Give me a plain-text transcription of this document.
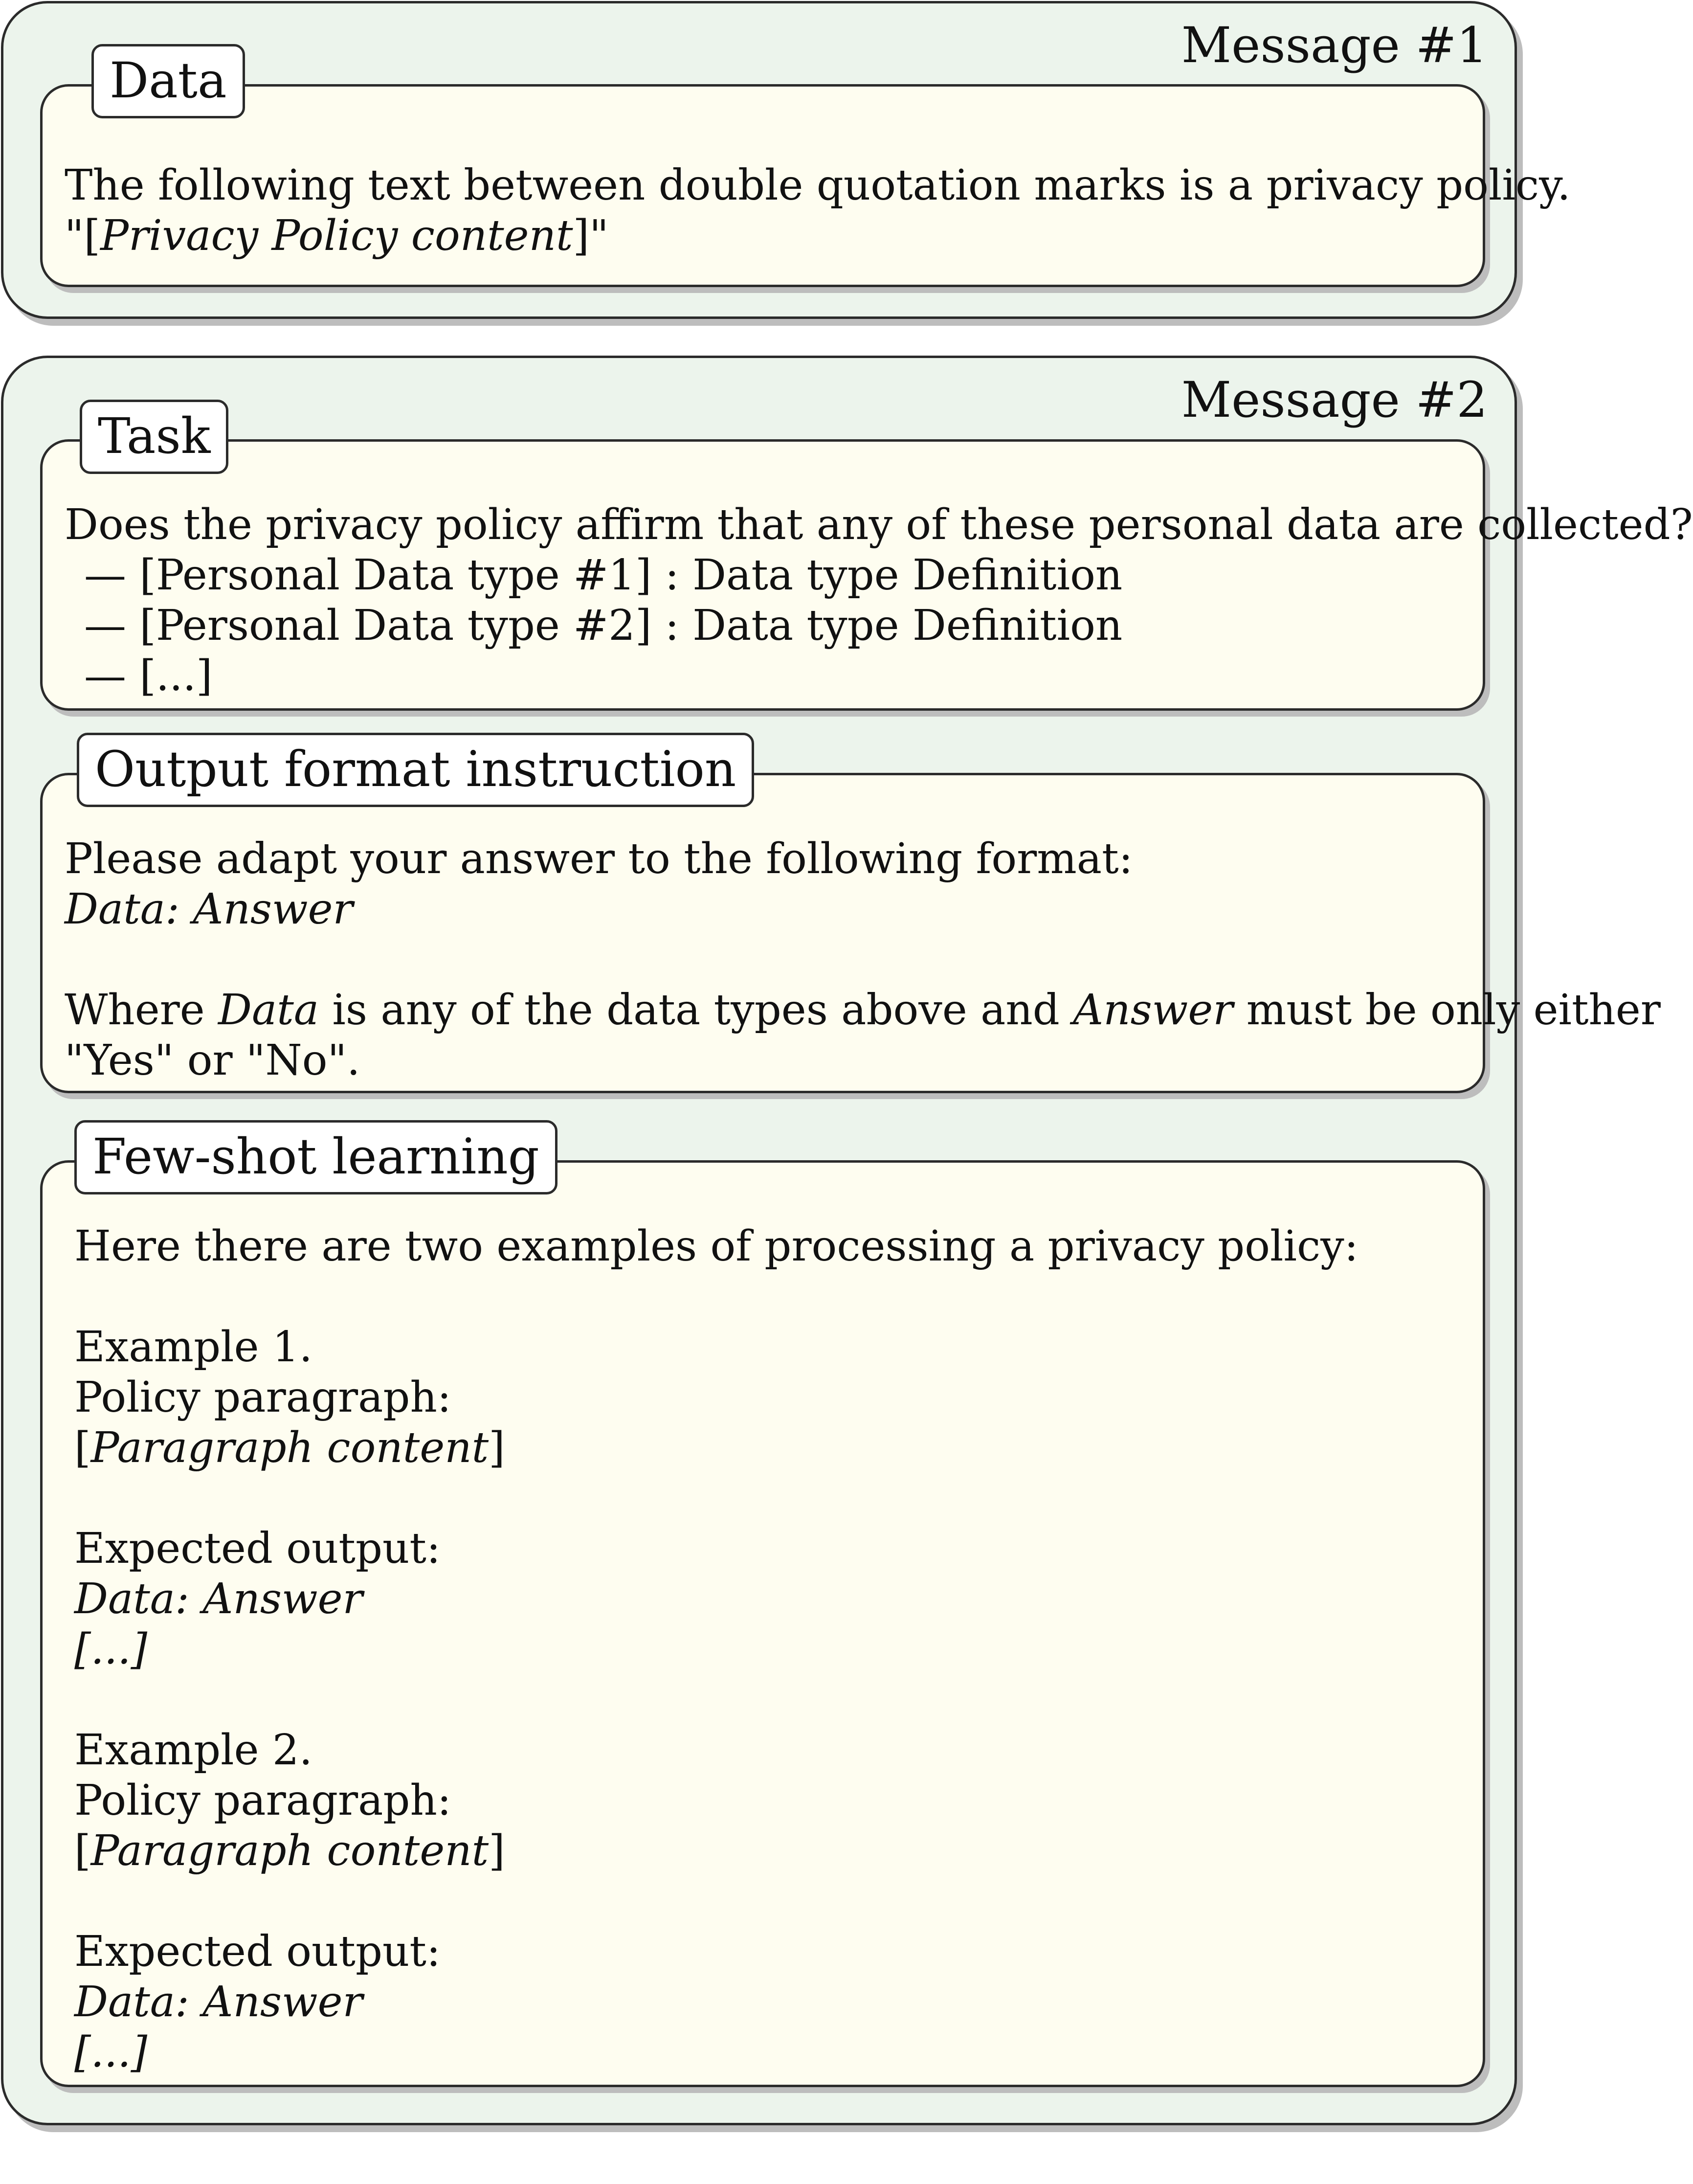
Message #1
Data
The following text between double quotation marks is a privacy policy.
"[Privacy Policy content]"
Message #2
Task
Does the privacy policy affirm that any of these personal data are collected?
— [Personal Data type #1] : Data type Definition
— [Personal Data type #2] : Data type Definition
— [...]
Output format instruction
Please adapt your answer to the following format:
Data: Answer
Where Data is any of the data types above and Answer must be only either
"Yes" or "No".
Few-shot learning
Here there are two examples of processing a privacy policy:
Example 1.
Policy paragraph:
[Paragraph content]
Expected output:
Data: Answer
[...]
Example 2.
Policy paragraph:
[Paragraph content]
Expected output:
Data: Answer
[...]
